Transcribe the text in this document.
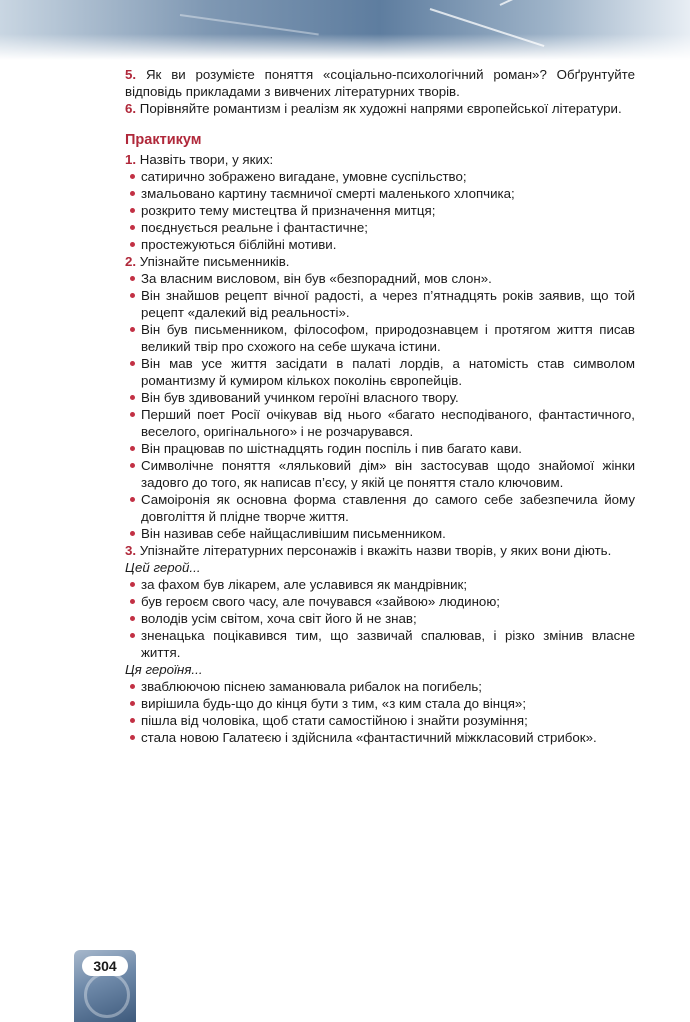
5. Як ви розумієте поняття «соціально-психологічний роман»? Обґрунтуйте відповідь прикладами з вивчених літературних творів.

6. Порівняйте романтизм і реалізм як художні напрями європейської літератури.

Практикум

1. Назвіть твори, у яких:

сатирично зображено вигадане, умовне суспільство;
змальовано картину таємничої смерті маленького хлопчика;
розкрито тему мистецтва й призначення митця;
поєднується реальне і фантастичне;
простежуються біблійні мотиви.

2. Упізнайте письменників.

За власним висловом, він був «безпорадний, мов слон».
Він знайшов рецепт вічної радості, а через п’ятнадцять років заявив, що той рецепт «далекий від реальності».
Він був письменником, філософом, природознавцем і протягом життя писав великий твір про схожого на себе шукача істини.
Він мав усе життя засідати в палаті лордів, а натомість став символом романтизму й кумиром кількох поколінь європейців.
Він був здивований учинком героїні власного твору.
Перший поет Росії очікував від нього «багато несподіваного, фантастичного, веселого, оригінального» і не розчарувався.
Він працював по шістнадцять годин поспіль і пив багато кави.
Символічне поняття «ляльковий дім» він застосував щодо знайомої жінки задовго до того, як написав п’єсу, у якій це поняття стало ключовим.
Самоіронія як основна форма ставлення до самого себе забезпечила йому довголіття й плідне творче життя.
Він називав себе найщасливішим письменником.

3. Упізнайте літературних персонажів і вкажіть назви творів, у яких вони діють.

Цей герой...

за фахом був лікарем, але уславився як мандрівник;
був героєм свого часу, але почувався «зайвою» людиною;
володів усім світом, хоча світ його й не знав;
зненацька поцікавився тим, що зазвичай спалював, і різко змінив власне життя.

Ця героїня...

зваблюючою піснею заманювала рибалок на погибель;
вирішила будь-що до кінця бути з тим, «з ким стала до вінця»;
пішла від чоловіка, щоб стати самостійною і знайти розуміння;
стала новою Галатеєю і здійснила «фантастичний міжкласовий стрибок».
304
